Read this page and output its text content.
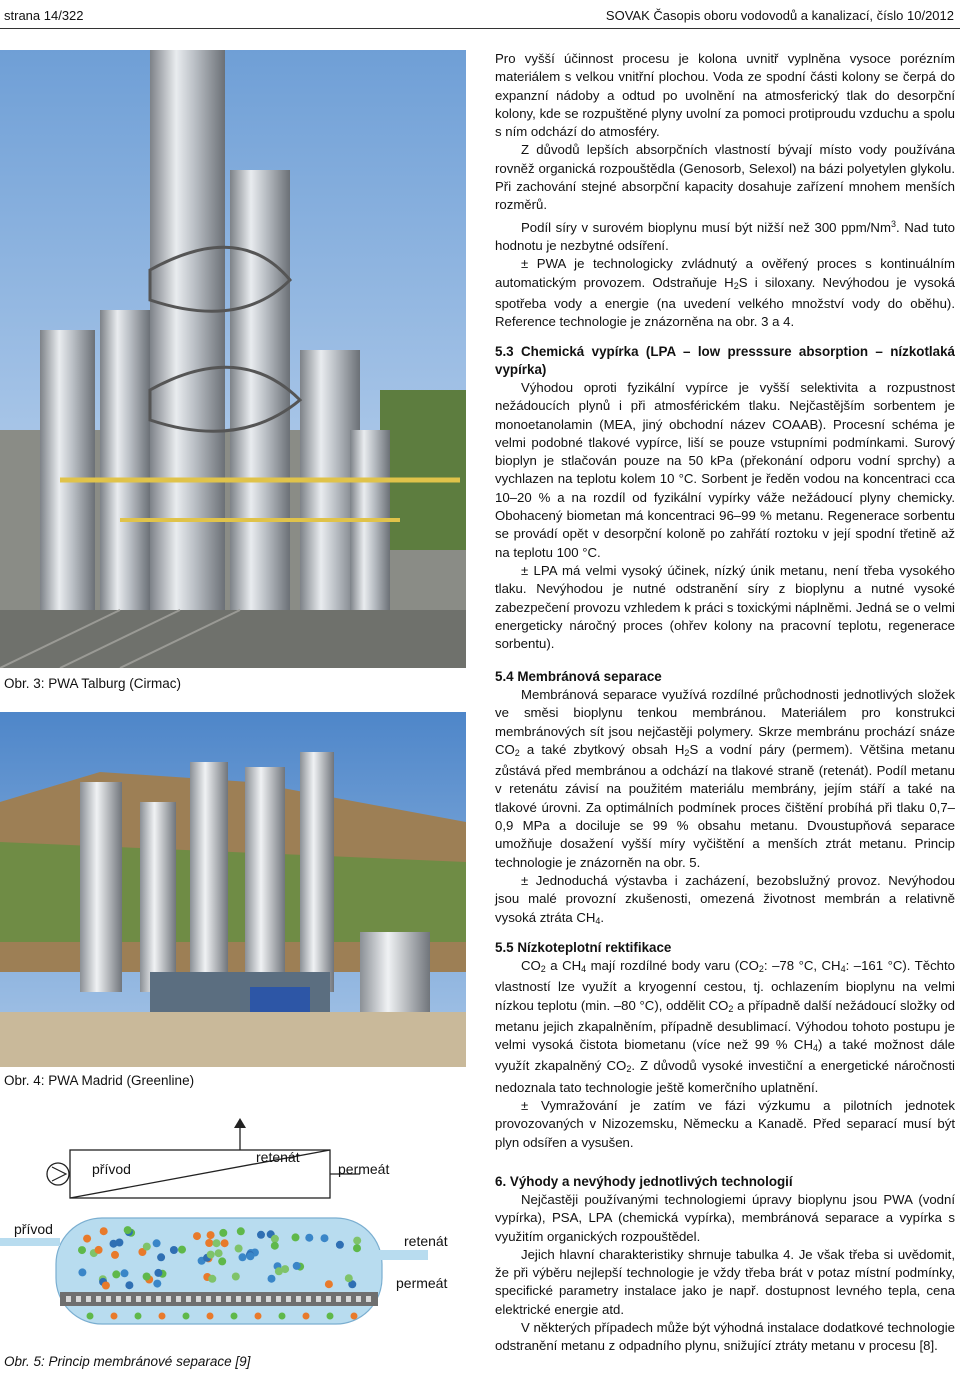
strana 14/322	SOVAK Časopis oboru vodovodů a kanalizací, číslo 10/2012
Obr. 3: PWA Talburg (Cirmac)
Obr. 4: PWA Madrid (Greenline)
přívod
retenát
permeát
přívod
retenát
permeát
Obr. 5: Princip membránové separace [9]

Pro vyšší účinnost procesu je kolona uvnitř vyplněna vysoce porézním materiálem s velkou vnitřní plochou. Voda ze spodní části kolony se čerpá do expanzní nádoby a odtud po uvolnění na atmosferický tlak do desorpční kolony, kde se rozpuštěné plyny uvolní za pomoci protiproudu vzduchu a spolu s ním odchází do atmosféry.

Z důvodů lepších absorpčních vlastností bývají místo vody používána rovněž organická rozpouštědla (Genosorb, Selexol) na bázi polyetylen glykolu. Při zachování stejné absorpční kapacity dosahuje zařízení mnohem menších rozměrů.

Podíl síry v surovém bioplynu musí být nižší než 300 ppm/Nm$^3$. Nad tuto hodnotu je nezbytné odsíření.

± PWA je technologicky zvládnutý a ověřený proces s kontinuálním automatickým provozem. Odstraňuje $H_2S$ i siloxany. Nevýhodou je vysoká spotřeba vody a energie (na uvedení velkého množství vody do oběhu). Reference technologie je znázorněna na obr. 3 a 4.

5.3 Chemická vypírka (LPA – low presssure absorption – nízkotlaká vypírka)

Výhodou oproti fyzikální vypírce je vyšší selektivita a rozpustnost nežádoucích plynů i při atmosférickém tlaku. Nejčastějším sorbentem je monoetanolamin (MEA, jiný obchodní název COAAB). Procesní schéma je velmi podobné tlakové vypírce, liší se pouze vstupními podmínkami. Surový bioplyn je stlačován pouze na 50 kPa (překonání odporu vodní sprchy) a vychlazen na teplotu kolem 10 °C. Sorbent je ředěn vodou na koncentraci cca 10–20 % a na rozdíl od fyzikální vypírky váže nežádoucí plyny chemicky. Obohacený biometan má koncentraci 96–99 % metanu. Regenerace sorbentu se provádí opět v desorpční koloně po zahřátí roztoku v její spodní třetině až na teplotu 100 °C.

± LPA má velmi vysoký účinek, nízký únik metanu, není třeba vysokého tlaku. Nevýhodou je nutné odstranění síry z bioplynu a nutné vysoké zabezpečení provozu vzhledem k práci s toxickými náplněmi. Jedná se o velmi energeticky náročný proces (ohřev kolony na pracovní teplotu, regenerace sorbentu).

5.4 Membránová separace

Membránová separace využívá rozdílné průchodnosti jednotlivých složek ve směsi bioplynu tenkou membránou. Materiálem pro konstrukci membránových sít jsou nejčastěji polymery. Skrze membránu prochází snáze $CO_2$ a také zbytkový obsah $H_2S$ a vodní páry (permem). Většina metanu zůstává před membránou a odchází na tlakové straně (retenát). Podíl metanu v retenátu závisí na použitém materiálu membrány, jejím stáří a také na tlakové úrovni. Za optimálních podmínek proces čištění probíhá při tlaku 0,7–0,9 MPa a dociluje se 99 % obsahu metanu. Dvoustupňová separace umožňuje dosažení vyšší míry vyčištění a menších ztrát metanu. Princip technologie je znázorněn na obr. 5.

± Jednoduchá výstavba i zacházení, bezobslužný provoz. Nevýhodou jsou malé provozní zkušenosti, omezená životnost membrán a relativně vysoká ztráta $CH_4$.

5.5 Nízkoteplotní rektifikace

$CO_2$ a $CH_4$ mají rozdílné body varu ($CO_2$: –78 °C, $CH_4$: –161 °C). Těchto vlastností lze využít a kryogenní cestou, tj. ochlazením bioplynu na velmi nízkou teplotu (min. –80 °C), oddělit $CO_2$ a případně další nežádoucí složky od metanu jejich zkapalněním, případně desublimací. Výhodou tohoto postupu je velmi vysoká čistota biometanu (více než 99 % $CH_4$) a také možnost dále využít zkapalněný $CO_2$. Z důvodů vysoké investiční a energetické náročnosti nedoznala tato technologie ještě komerčního uplatnění.

± Vymražování je zatím ve fázi výzkumu a pilotních jednotek provozovaných v Nizozemsku, Německu a Kanadě. Před separací musí být plyn odsířen a vysušen.

6. Výhody a nevýhody jednotlivých technologií

Nejčastěji používanými technologiemi úpravy bioplynu jsou PWA (vodní vypírka), PSA, LPA (chemická vypírka), membránová separace a vypírka s využitím organických rozpouštědel.

Jejich hlavní charakteristiky shrnuje tabulka 4. Je však třeba si uvědomit, že při výběru nejlepší technologie je vždy třeba brát v potaz místní podmínky, specifické parametry instalace jako je např. dostupnost levného tepla, cena elektrické energie atd.

V některých případech může být výhodná instalace dodatkové technologie odstranění metanu z odpadního plynu, snižující ztráty metanu v procesu [8].
